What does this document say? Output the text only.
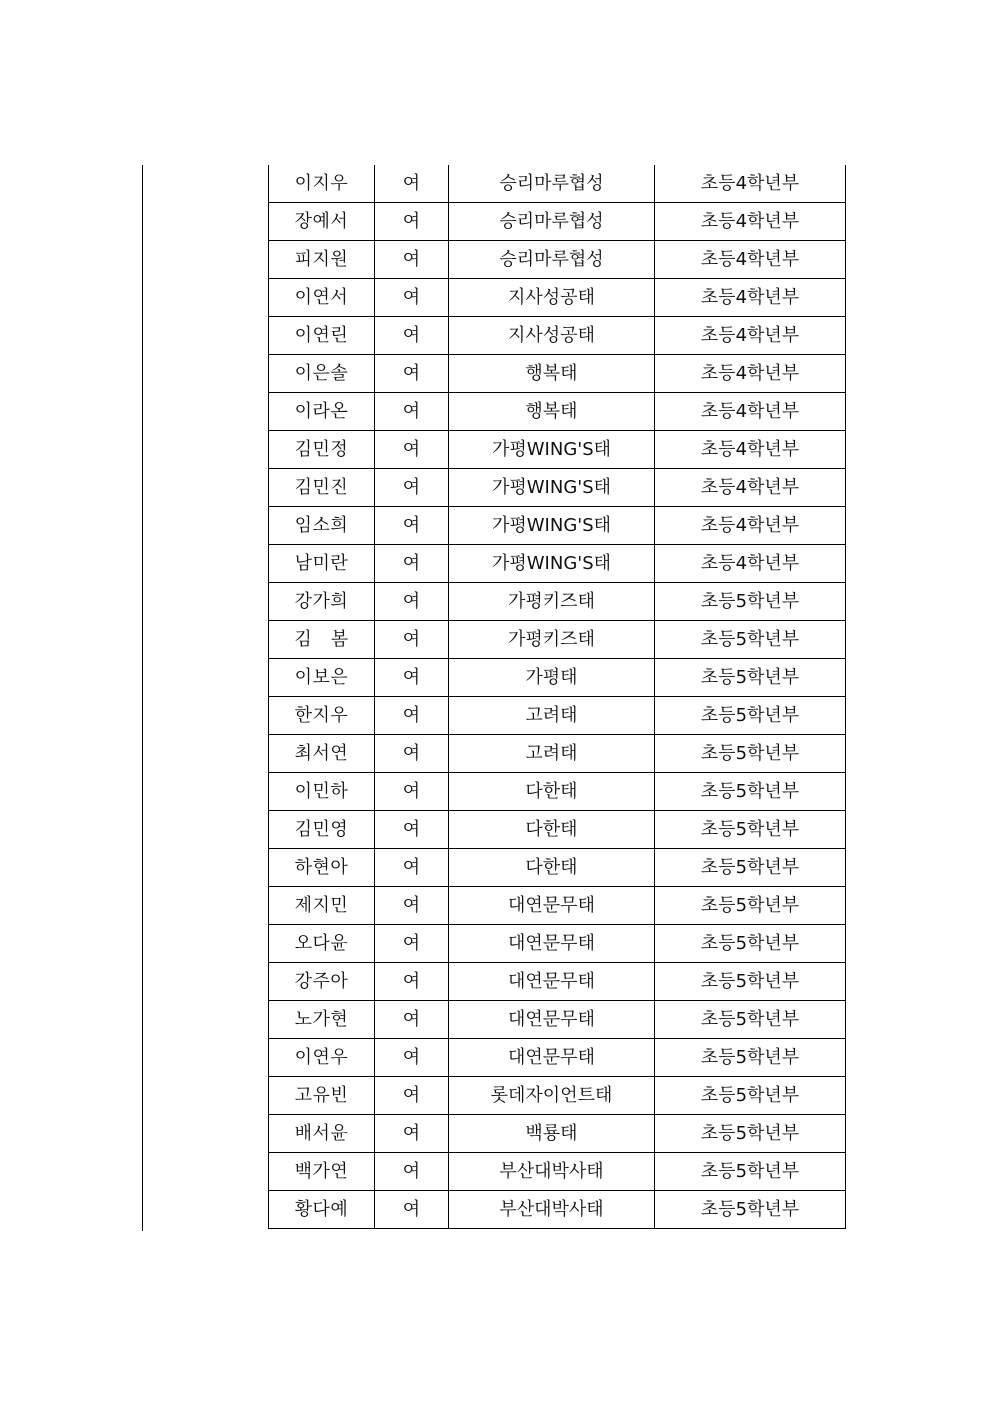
이지우	여	승리마루협성	초등4학년부
장예서	여	승리마루협성	초등4학년부
피지원	여	승리마루협성	초등4학년부
이연서	여	지사성공태	초등4학년부
이연린	여	지사성공태	초등4학년부
이은솔	여	행복태	초등4학년부
이라온	여	행복태	초등4학년부
김민정	여	가평WING'S태	초등4학년부
김민진	여	가평WING'S태	초등4학년부
임소희	여	가평WING'S태	초등4학년부
남미란	여	가평WING'S태	초등4학년부
강가희	여	가평키즈태	초등5학년부
김　봄	여	가평키즈태	초등5학년부
이보은	여	가평태	초등5학년부
한지우	여	고려태	초등5학년부
최서연	여	고려태	초등5학년부
이민하	여	다한태	초등5학년부
김민영	여	다한태	초등5학년부
하현아	여	다한태	초등5학년부
제지민	여	대연문무태	초등5학년부
오다윤	여	대연문무태	초등5학년부
강주아	여	대연문무태	초등5학년부
노가현	여	대연문무태	초등5학년부
이연우	여	대연문무태	초등5학년부
고유빈	여	롯데자이언트태	초등5학년부
배서윤	여	백룡태	초등5학년부
백가연	여	부산대박사태	초등5학년부
황다예	여	부산대박사태	초등5학년부
